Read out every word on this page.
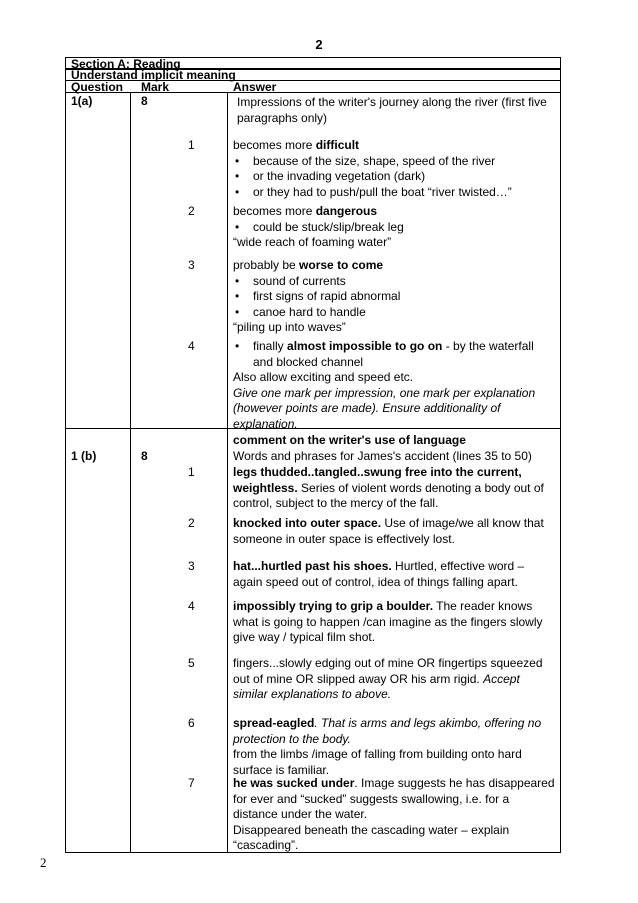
2
Section A: Reading
Understand implicit meaning
Question Mark	Answer
1(a)	8	Impressions of the writer's journey along the river (first five paragraphs only)
1	becomes more difficult

• because of the size, shape, speed of the river
• or the invading vegetation (dark)
• or they had to push/pull the boat “river twisted…”
2	becomes more dangerous

• could be stuck/slip/break leg

“wide reach of foaming water”

3	probably be worse to come

• sound of currents
• first signs of rapid abnormal
• canoe hard to handle

“piling up into waves”

4
•	finally almost impossible to go on - by the waterfall and blocked channel

Also allow exciting and speed etc.

Give one mark per impression, one mark per explanation (however points are made). Ensure additionality of explanation.

1 (b)	8

comment on the writer's use of language

Words and phrases for James's accident (lines 35 to 50)

1	legs thudded..tangled..swung free into the current, weightless. Series of violent words denoting a body out of control, subject to the mercy of the fall.

2	knocked into outer space. Use of image/we all know that someone in outer space is effectively lost.

3	hat...hurtled past his shoes. Hurtled, effective word – again speed out of control, idea of things falling apart.

4	impossibly trying to grip a boulder. The reader knows what is going to happen /can imagine as the fingers slowly give way / typical film shot.

5	fingers...slowly edging out of mine OR fingertips squeezed out of mine OR slipped away OR his arm rigid. Accept similar explanations to above.

6	spread-eagled. That is arms and legs akimbo, offering no protection to the body.

from the limbs /image of falling from building onto hard surface is familiar.

7	he was sucked under. Image suggests he has disappeared for ever and “sucked” suggests swallowing, i.e. for a distance under the water.

Disappeared beneath the cascading water – explain “cascading”.

2
